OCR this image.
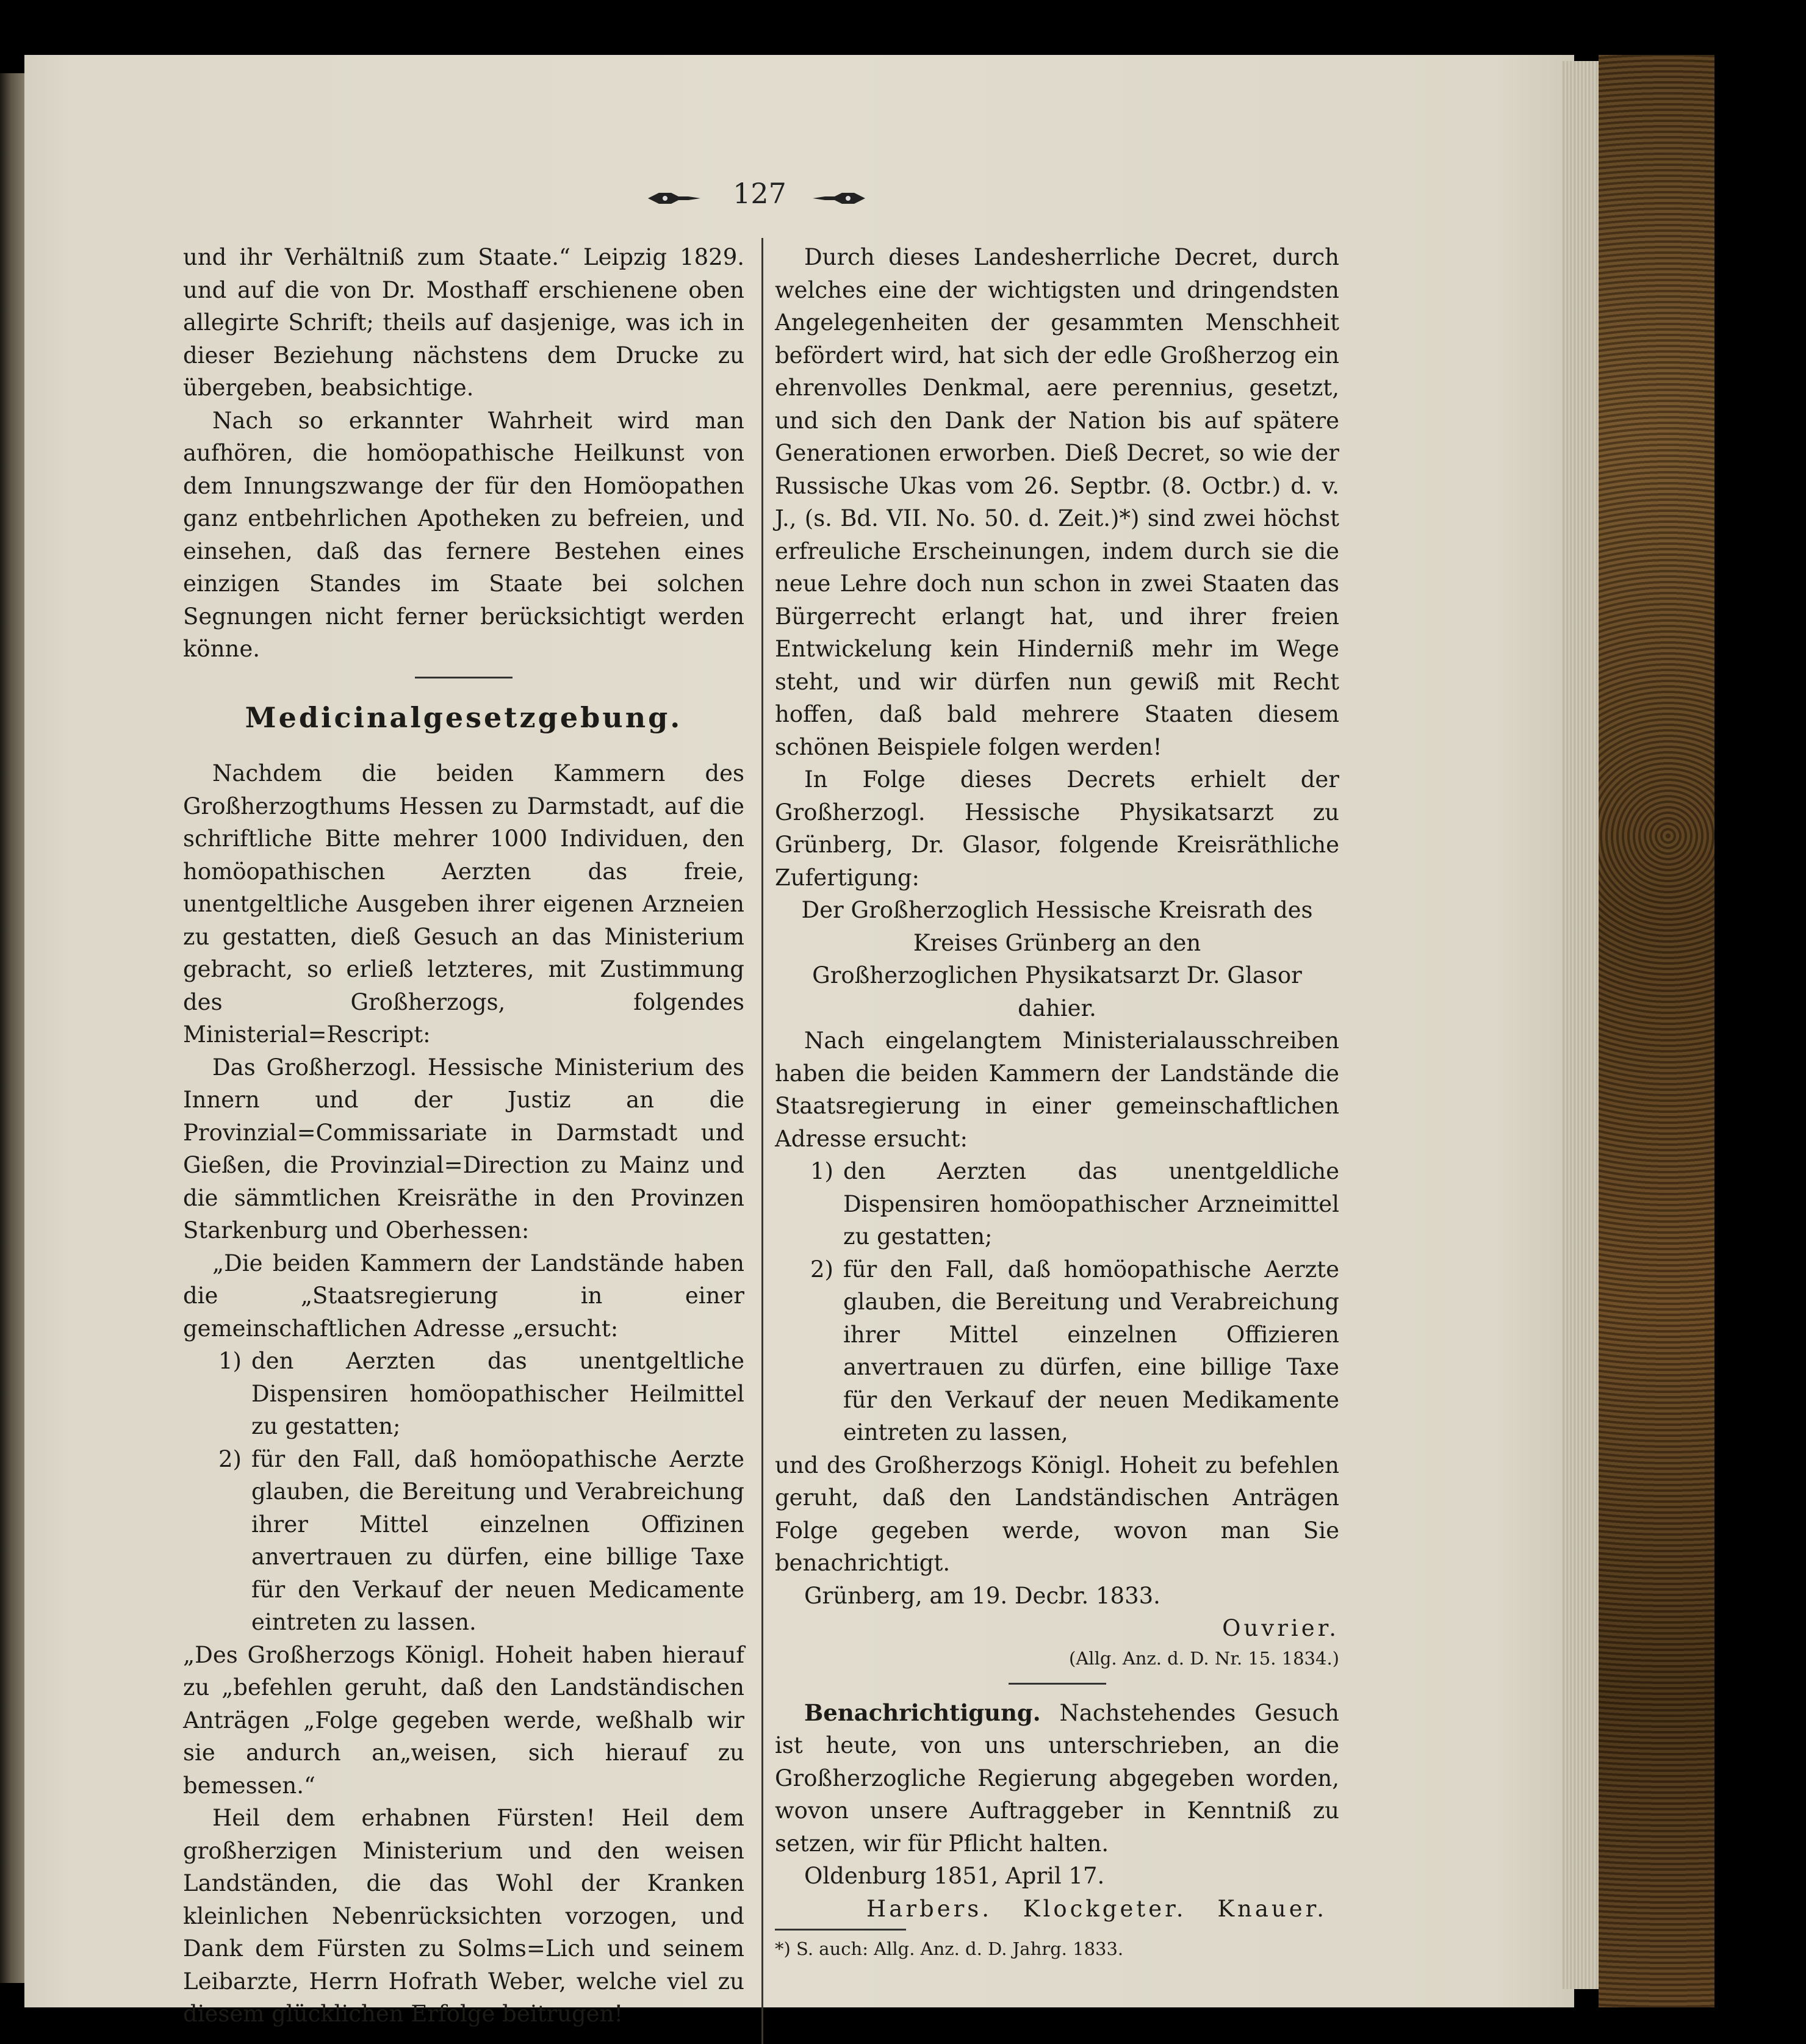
127

und ihr Verhältniß zum Staate.“ Leipzig 1829. und auf die von Dr. Mosthaff erschienene oben allegirte Schrift; theils auf dasjenige, was ich in dieser Beziehung nächstens dem Drucke zu übergeben, beabsichtige.

Nach so erkannter Wahrheit wird man aufhören, die homöopathische Heilkunst von dem Innungszwange der für den Homöopathen ganz entbehrlichen Apotheken zu befreien, und einsehen, daß das fernere Bestehen eines einzigen Standes im Staate bei solchen Segnungen nicht ferner berücksichtigt werden könne.

Medicinalgesetzgebung.

Nachdem die beiden Kammern des Großherzogthums Hessen zu Darmstadt, auf die schriftliche Bitte mehrer 1000 Individuen, den homöopathischen Aerzten das freie, unentgeltliche Ausgeben ihrer eigenen Arzneien zu gestatten, dieß Gesuch an das Ministerium gebracht, so erließ letzteres, mit Zustimmung des Großherzogs, folgendes Ministerial=Rescript:

Das Großherzogl. Hessische Ministerium des Innern und der Justiz an die Provinzial=Commissariate in Darmstadt und Gießen, die Provinzial=Direction zu Mainz und die sämmtlichen Kreisräthe in den Provinzen Starkenburg und Oberhessen:

„Die beiden Kammern der Landstände haben die „Staatsregierung in einer gemeinschaftlichen Adresse „ersucht:

1) den Aerzten das unentgeltliche Dispensiren homöopathischer Heilmittel zu gestatten;
2) für den Fall, daß homöopathische Aerzte glauben, die Bereitung und Verabreichung ihrer Mittel einzelnen Offizinen anvertrauen zu dürfen, eine billige Taxe für den Verkauf der neuen Medicamente eintreten zu lassen.

„Des Großherzogs Königl. Hoheit haben hierauf zu „befehlen geruht, daß den Landständischen Anträgen „Folge gegeben werde, weßhalb wir sie andurch an„weisen, sich hierauf zu bemessen.“

Heil dem erhabnen Fürsten! Heil dem großherzigen Ministerium und den weisen Landständen, die das Wohl der Kranken kleinlichen Nebenrücksichten vorzogen, und Dank dem Fürsten zu Solms=Lich und seinem Leibarzte, Herrn Hofrath Weber, welche viel zu diesem glücklichen Erfolge beitrugen!

Durch dieses Landesherrliche Decret, durch welches eine der wichtigsten und dringendsten Angelegenheiten der gesammten Menschheit befördert wird, hat sich der edle Großherzog ein ehrenvolles Denkmal, aere perennius, gesetzt, und sich den Dank der Nation bis auf spätere Generationen erworben. Dieß Decret, so wie der Russische Ukas vom 26. Septbr. (8. Octbr.) d. v. J., (s. Bd. VII. No. 50. d. Zeit.)*) sind zwei höchst erfreuliche Erscheinungen, indem durch sie die neue Lehre doch nun schon in zwei Staaten das Bürgerrecht erlangt hat, und ihrer freien Entwickelung kein Hinderniß mehr im Wege steht, und wir dürfen nun gewiß mit Recht hoffen, daß bald mehrere Staaten diesem schönen Beispiele folgen werden!

In Folge dieses Decrets erhielt der Großherzogl. Hessische Physikatsarzt zu Grünberg, Dr. Glasor, folgende Kreisräthliche Zufertigung:

Der Großherzoglich Hessische Kreisrath des
Kreises Grünberg an den
Großherzoglichen Physikatsarzt Dr. Glasor
dahier.

Nach eingelangtem Ministerialausschreiben haben die beiden Kammern der Landstände die Staatsregierung in einer gemeinschaftlichen Adresse ersucht:

1) den Aerzten das unentgeldliche Dispensiren homöopathischer Arzneimittel zu gestatten;
2) für den Fall, daß homöopathische Aerzte glauben, die Bereitung und Verabreichung ihrer Mittel einzelnen Offizieren anvertrauen zu dürfen, eine billige Taxe für den Verkauf der neuen Medikamente eintreten zu lassen,

und des Großherzogs Königl. Hoheit zu befehlen geruht, daß den Landständischen Anträgen Folge gegeben werde, wovon man Sie benachrichtigt.

Grünberg, am 19. Decbr. 1833.

Ouvrier.

(Allg. Anz. d. D. Nr. 15. 1834.)

Benachrichtigung. Nachstehendes Gesuch ist heute, von uns unterschrieben, an die Großherzogliche Regierung abgegeben worden, wovon unsere Auftraggeber in Kenntniß zu setzen, wir für Pflicht halten.

Oldenburg 1851, April 17.

Harbers. Klockgeter. Knauer.

*) S. auch: Allg. Anz. d. D. Jahrg. 1833.
